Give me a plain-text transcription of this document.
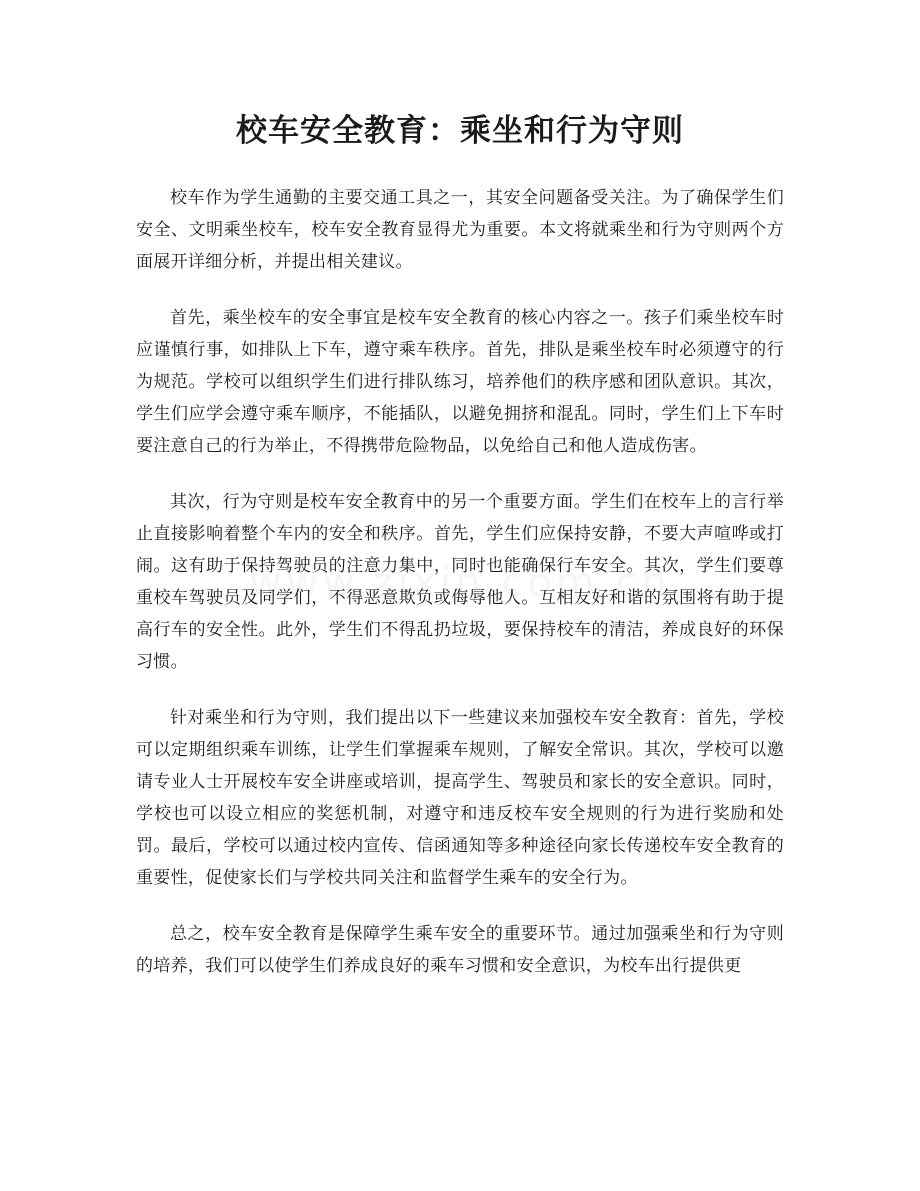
校车安全教育：乘坐和行为守则

校车作为学生通勤的主要交通工具之一，其安全问题备受关注。为了确保学生们安全、文明乘坐校车，校车安全教育显得尤为重要。本文将就乘坐和行为守则两个方面展开详细分析，并提出相关建议。

首先，乘坐校车的安全事宜是校车安全教育的核心内容之一。孩子们乘坐校车时应谨慎行事，如排队上下车，遵守乘车秩序。首先，排队是乘坐校车时必须遵守的行为规范。学校可以组织学生们进行排队练习，培养他们的秩序感和团队意识。其次，学生们应学会遵守乘车顺序，不能插队，以避免拥挤和混乱。同时，学生们上下车时要注意自己的行为举止，不得携带危险物品，以免给自己和他人造成伤害。

其次，行为守则是校车安全教育中的另一个重要方面。学生们在校车上的言行举止直接影响着整个车内的安全和秩序。首先，学生们应保持安静，不要大声喧哗或打闹。这有助于保持驾驶员的注意力集中，同时也能确保行车安全。其次，学生们要尊重校车驾驶员及同学们，不得恶意欺负或侮辱他人。互相友好和谐的氛围将有助于提高行车的安全性。此外，学生们不得乱扔垃圾，要保持校车的清洁，养成良好的环保习惯。

针对乘坐和行为守则，我们提出以下一些建议来加强校车安全教育：首先，学校可以定期组织乘车训练，让学生们掌握乘车规则，了解安全常识。其次，学校可以邀请专业人士开展校车安全讲座或培训，提高学生、驾驶员和家长的安全意识。同时，学校也可以设立相应的奖惩机制，对遵守和违反校车安全规则的行为进行奖励和处罚。最后，学校可以通过校内宣传、信函通知等多种途径向家长传递校车安全教育的重要性，促使家长们与学校共同关注和监督学生乘车的安全行为。

总之，校车安全教育是保障学生乘车安全的重要环节。通过加强乘坐和行为守则的培养，我们可以使学生们养成良好的乘车习惯和安全意识，为校车出行提供更
